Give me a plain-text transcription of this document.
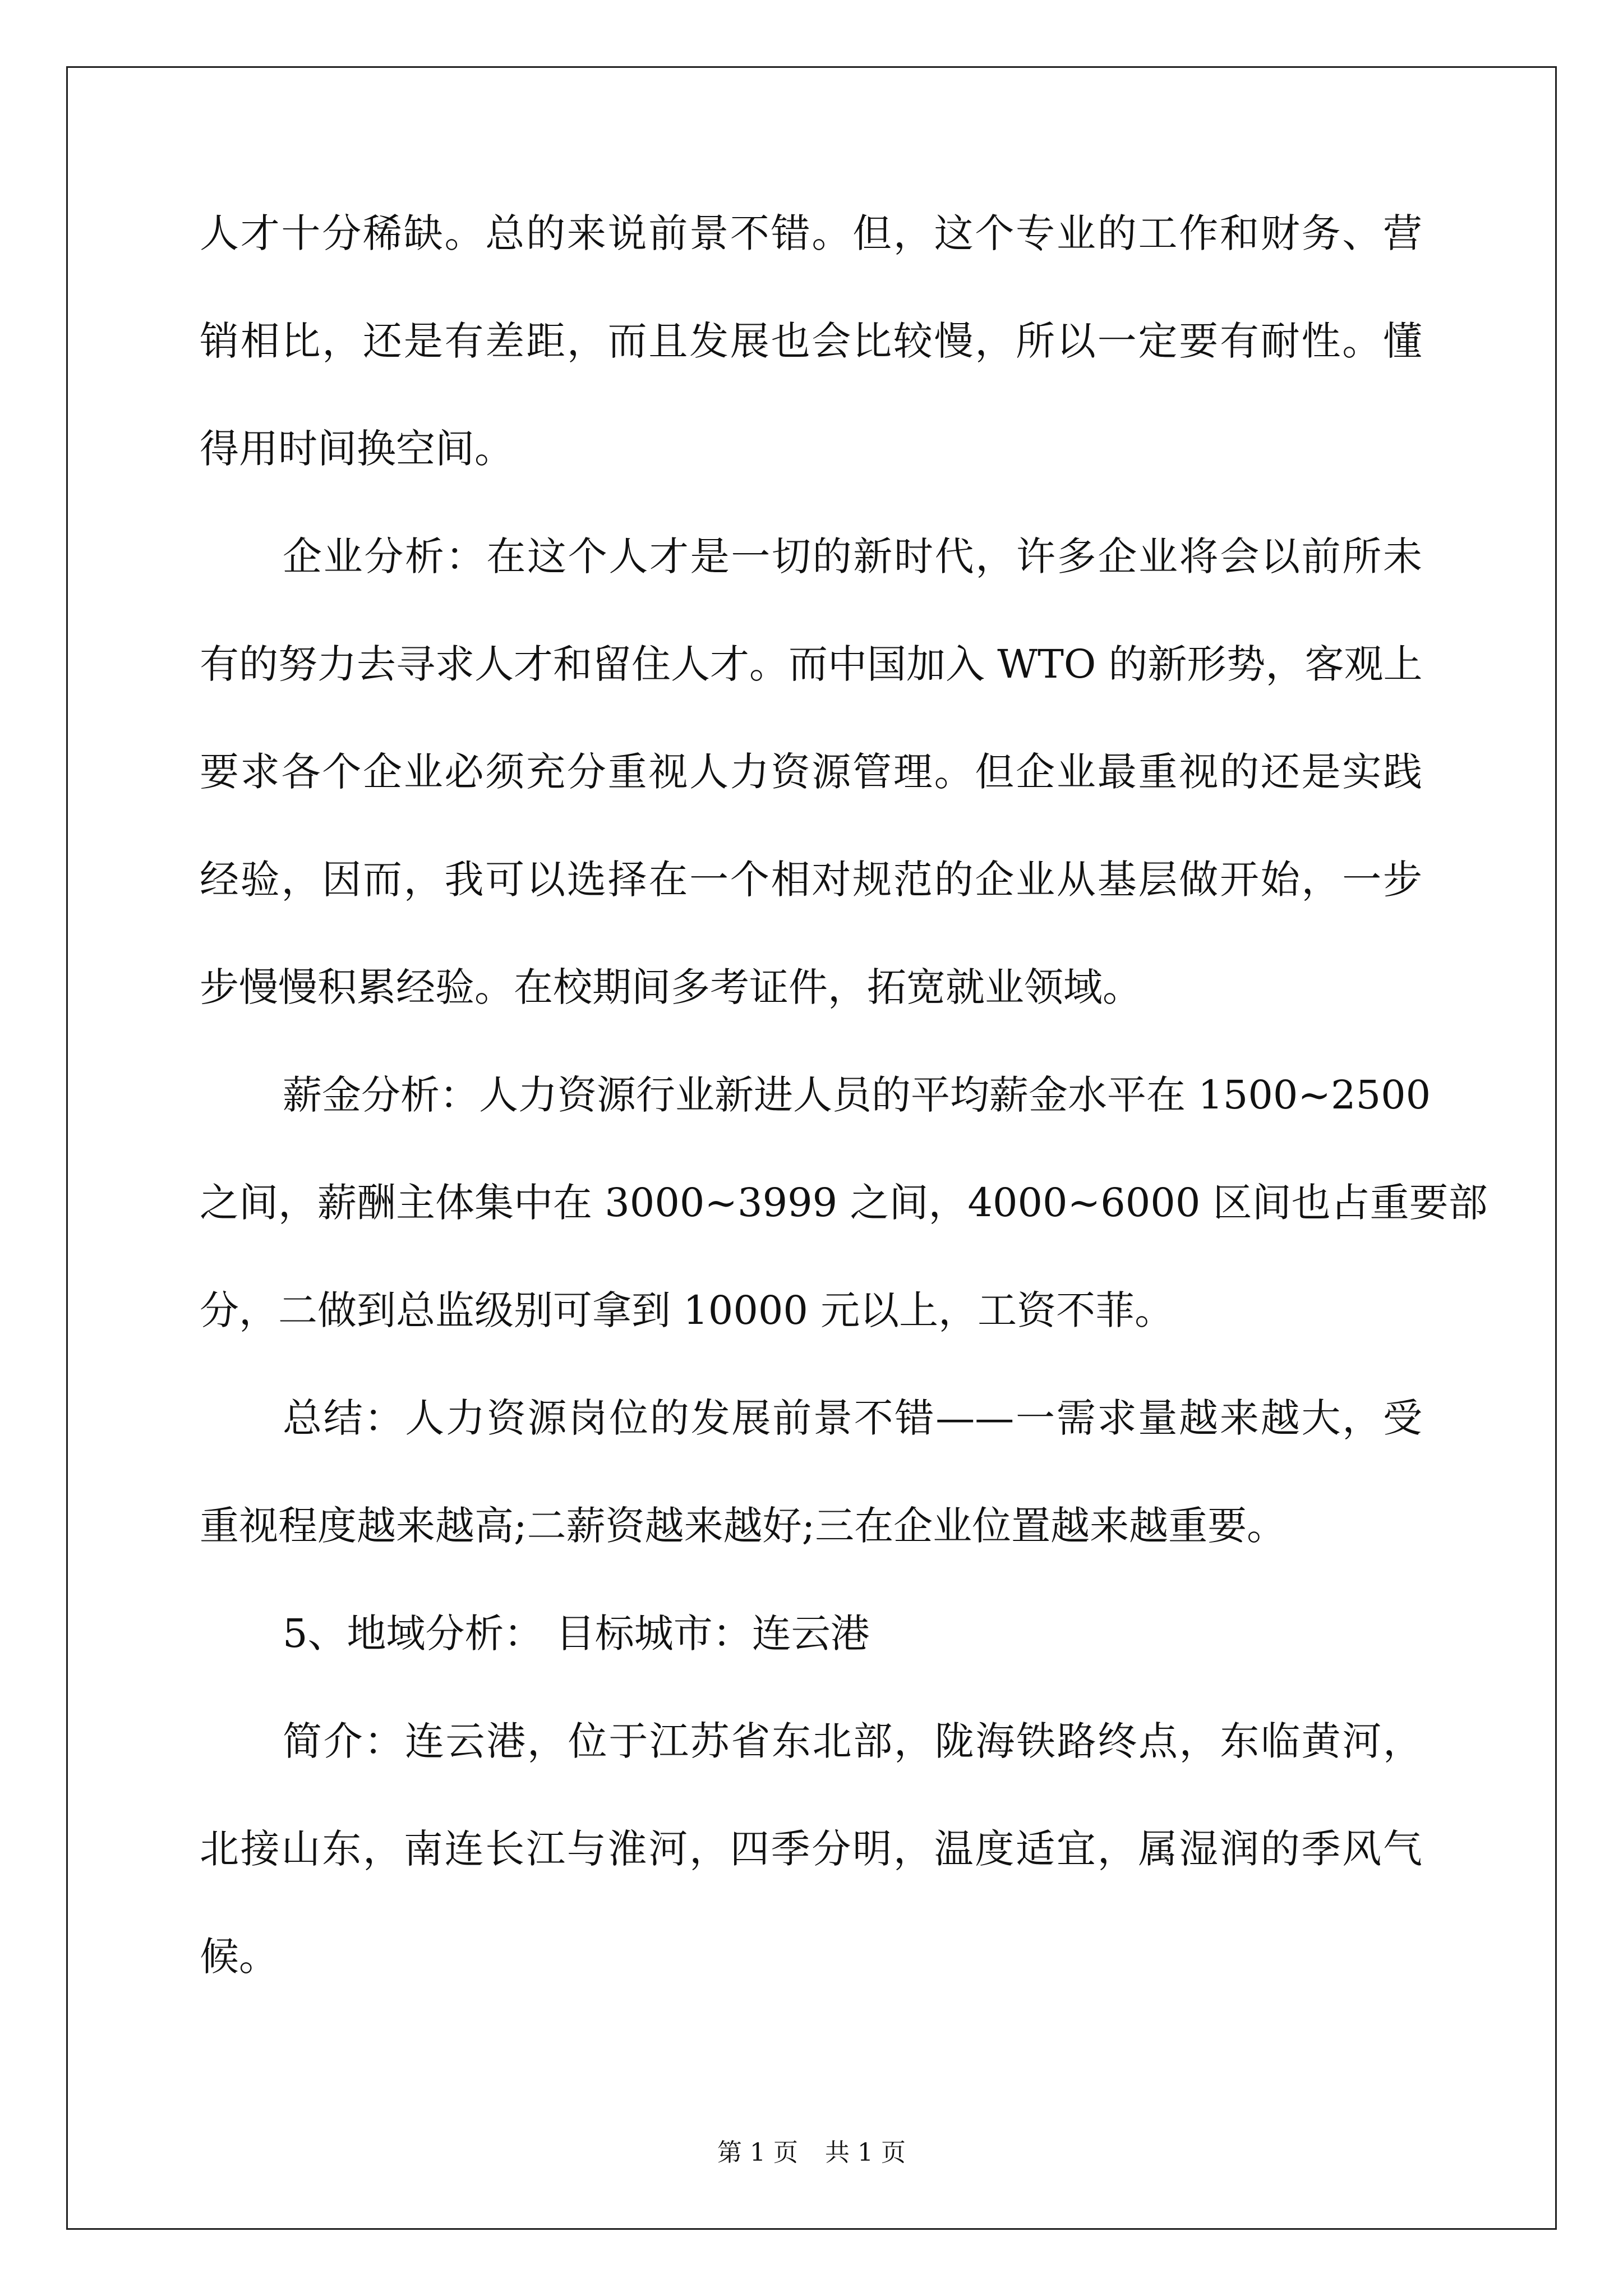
人才十分稀缺。总的来说前景不错。但，这个专业的工作和财务、营
销相比，还是有差距，而且发展也会比较慢，所以一定要有耐性。懂
得用时间换空间。
企业分析：在这个人才是一切的新时代，许多企业将会以前所未
有的努力去寻求人才和留住人才。而中国加入 WTO 的新形势，客观上
要求各个企业必须充分重视人力资源管理。但企业最重视的还是实践
经验，因而，我可以选择在一个相对规范的企业从基层做开始，一步
步慢慢积累经验。在校期间多考证件，拓宽就业领域。
薪金分析：人力资源行业新进人员的平均薪金水平在 1500~2500
之间，薪酬主体集中在 3000~3999 之间，4000~6000 区间也占重要部
分，二做到总监级别可拿到 10000 元以上，工资不菲。
总结：人力资源岗位的发展前景不错——一需求量越来越大，受
重视程度越来越高;二薪资越来越好;三在企业位置越来越重要。
5、地域分析： 目标城市：连云港
简介：连云港，位于江苏省东北部，陇海铁路终点，东临黄河，
北接山东，南连长江与淮河，四季分明，温度适宜，属湿润的季风气
候。
第 1 页 共 1 页
